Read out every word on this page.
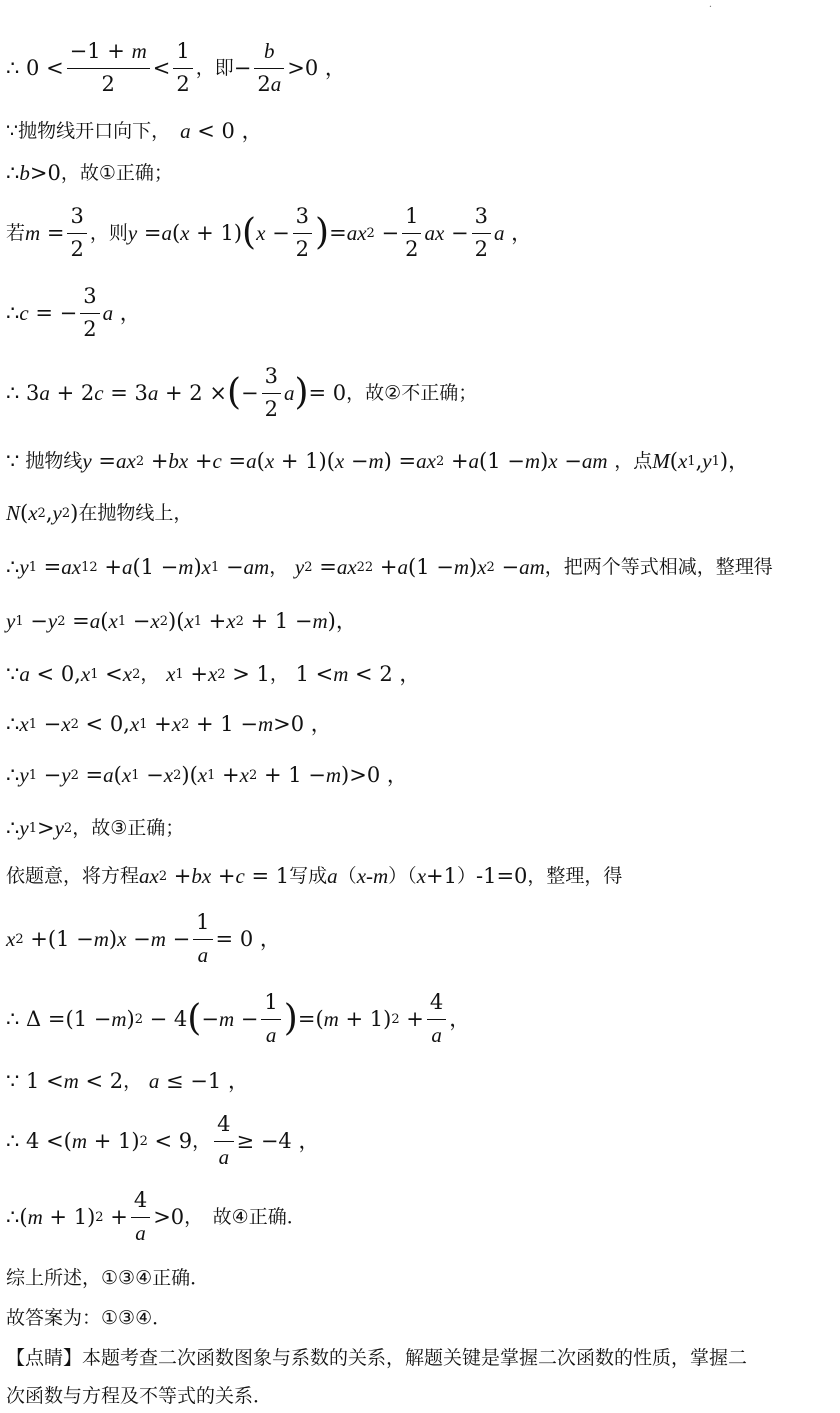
·
∴ $0 < \frac{-1 + m}{2} < \frac{1}{2}$ ，即 − $\frac{b}{2a} >0$ ，
∵抛物线开口向下， a < 0 ，
∴ b >0 ，故①正确；
若 $m = \frac{3}{2}$ ，则 y = a ( x + 1 ) ( $x - \frac{3}{2}$ ) = ax $2 - \frac{1}{2}$ ax − $\frac{3}{2}$ a ，
∴ c = − $\frac{3}{2}$ a ，
∴ 3 a + 2 c = 3 a + 2 × ( − $\frac{3}{2}$ a ) = 0 ，故②不正确；
∵ 抛物线 y = ax 2 + bx + c = a ( x + 1 ) ( x − m ) = ax 2 + a ( 1 − m ) x − am
，点 M ( x 1 , y 1 ) ，
N ( x 2 , y 2 ) 在抛物线上，
∴ y 1 = ax 1 2 + a ( 1 − m ) x 1 − am ，
y 2 = ax 2 2 + a ( 1 − m ) x 2 − am ，把两个等式相减，整理得
y 1 − y 2 = a ( x 1 − x 2 ) ( x 1 + x 2 + 1 − m ) ，
∵ a < 0, x 1 < x 2 ，
x 1 + x 2 > 1 ， 1 < m < 2 ，
∴ x 1 − x 2 < 0, x 1 + x 2 + 1 − m >0 ，
∴ y 1 − y 2 = a ( x 1 − x 2 ) ( x 1 + x 2 + 1 − m ) >0 ，
∴ y 1 > y 2 ，故③正确；
依题意，将方程 ax 2 + bx + c = 1 写成 a （ x-m ）（ x +1 ） -1=0 ，整理，得
x 2 + ( 1 − m ) $x - m - \frac{1}{a} = 0$ ，
∴ Δ = ( 1 − m ) 2 − 4 ( − $m - \frac{1}{a}$ ) = ( m + 1 ) $2 + \frac{4}{a}$ ，
∵ 1 < m < 2 ，
a ≤ −1 ，
∴ 4 < ( m + 1 ) 2 < 9 ， $\frac{4}{a} \ge -4$ ，
∴ ( m + 1 ) $2 + \frac{4}{a} >0$ ，　故④正确．
综上所述，①③④正确．
故答案为：①③④．
【点睛】本题考查二次函数图象与系数的关系，解题关键是掌握二次函数的性质，掌握二
次函数与方程及不等式的关系．
